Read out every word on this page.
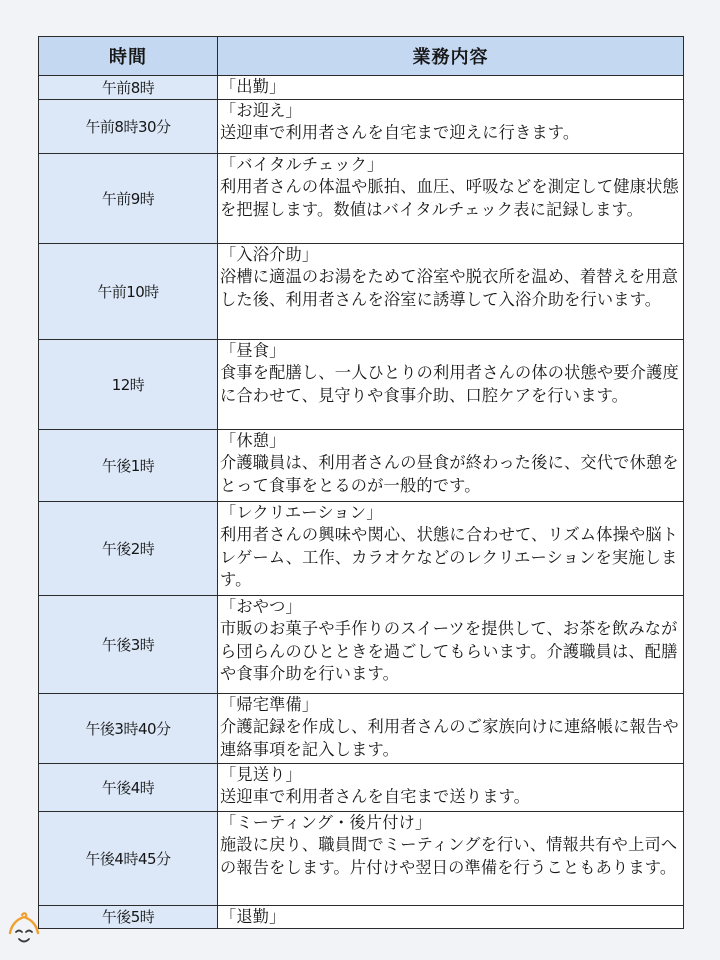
時間	業務内容
午前8時	「出勤」

午前8時30分	「お迎え」
送迎車で利用者さんを自宅まで迎えに行きます。

午前9時	「バイタルチェック」
利用者さんの体温や脈拍、血圧、呼吸などを測定して健康状態を把握します。数値はバイタルチェック表に記録します。

午前10時	「入浴介助」
浴槽に適温のお湯をためて浴室や脱衣所を温め、着替えを用意した後、利用者さんを浴室に誘導して入浴介助を行います。

12時	「昼食」
食事を配膳し、一人ひとりの利用者さんの体の状態や要介護度に合わせて、見守りや食事介助、口腔ケアを行います。

午後1時	「休憩」
介護職員は、利用者さんの昼食が終わった後に、交代で休憩をとって食事をとるのが一般的です。

午後2時	「レクリエーション」
利用者さんの興味や関心、状態に合わせて、リズム体操や脳トレゲーム、工作、カラオケなどのレクリエーションを実施します。

午後3時	「おやつ」
市販のお菓子や手作りのスイーツを提供して、お茶を飲みながら団らんのひとときを過ごしてもらいます。介護職員は、配膳や食事介助を行います。

午後3時40分	「帰宅準備」
介護記録を作成し、利用者さんのご家族向けに連絡帳に報告や連絡事項を記入します。

午後4時	「見送り」
送迎車で利用者さんを自宅まで送ります。

午後4時45分	「ミーティング・後片付け」
施設に戻り、職員間でミーティングを行い、情報共有や上司への報告をします。片付けや翌日の準備を行うこともあります。

午後5時	「退勤」
